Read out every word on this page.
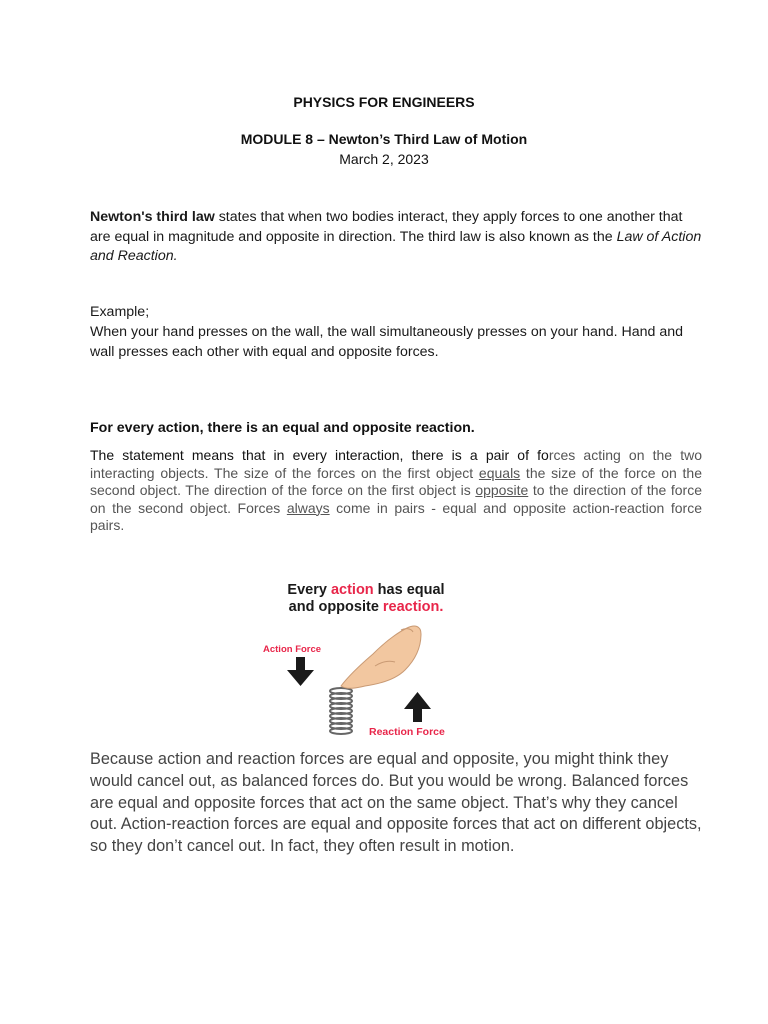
PHYSICS FOR ENGINEERS
MODULE 8 – Newton’s Third Law of Motion
March 2, 2023
Newton's third law states that when two bodies interact, they apply forces to one another that are equal in magnitude and opposite in direction. The third law is also known as the Law of Action and Reaction.
Example;
When your hand presses on the wall, the wall simultaneously presses on your hand. Hand and wall presses each other with equal and opposite forces.
For every action, there is an equal and opposite reaction.
The statement means that in every interaction, there is a pair of forces acting on the two interacting objects. The size of the forces on the first object equals the size of the force on the second object. The direction of the force on the first object is opposite to the direction of the force on the second object. Forces always come in pairs - equal and opposite action-reaction force pairs.
Every action has equal
and opposite reaction.
Action Force
Reaction Force
Because action and reaction forces are equal and opposite, you might think they would cancel out, as balanced forces do. But you would be wrong. Balanced forces are equal and opposite forces that act on the same object. That’s why they cancel out. Action-reaction forces are equal and opposite forces that act on different objects, so they don’t cancel out. In fact, they often result in motion.
